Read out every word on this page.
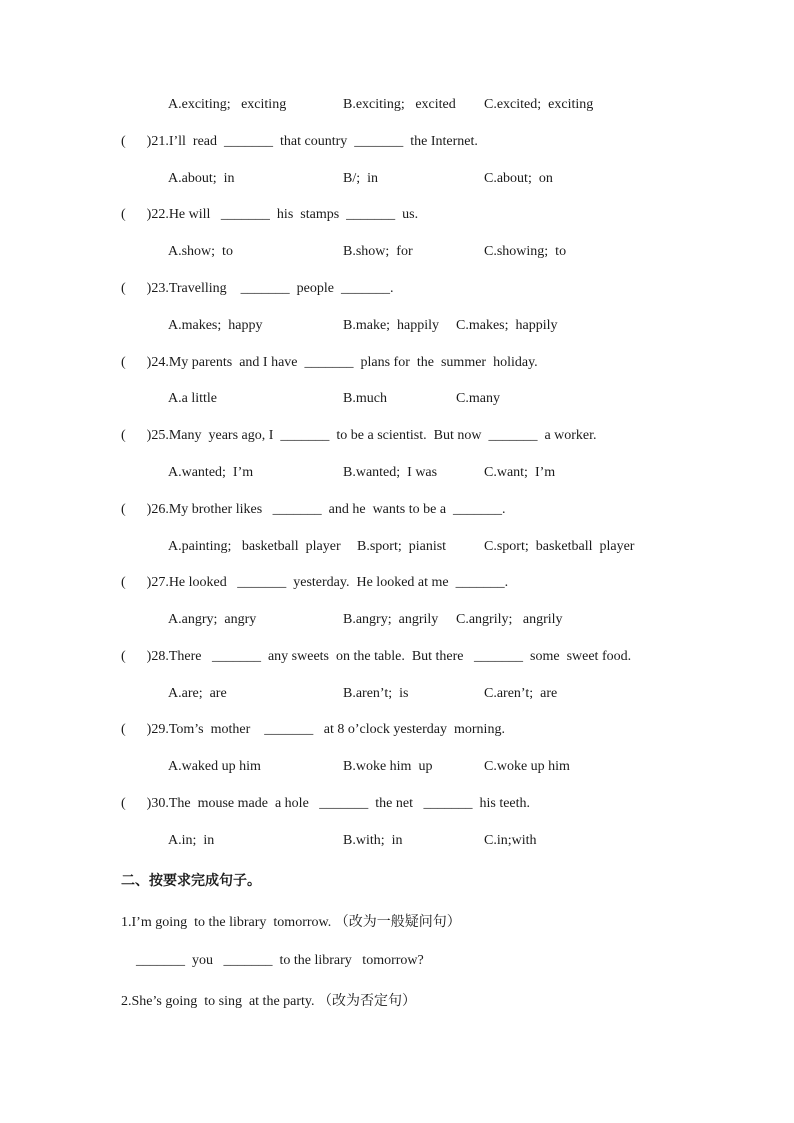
A.exciting;   exciting	B.exciting;   excited C.excited;  exciting
(      )21.I’ll  read  _______  that country  _______  the Internet.
A.about;  in	B/;  in	C.about;  on
(      )22.He will   _______  his  stamps  _______  us.
A.show;  to	B.show;  for	C.showing;  to
(      )23.Travelling    _______  people  _______.
A.makes;  happy	B.make;  happily C.makes;  happily
(      )24.My parents  and I have  _______  plans for  the  summer  holiday.
A.a little	B.much	C.many
(      )25.Many  years ago, I  _______  to be a scientist.  But now  _______  a worker.
A.wanted;  I’m	B.wanted;  I was	C.want;  I’m
(      )26.My brother likes   _______  and he  wants to be a  _______.
A.painting;   basketball  player B.sport;  pianist	C.sport;  basketball  player
(      )27.He looked   _______  yesterday.  He looked at me  _______.
A.angry;  angry	B.angry;  angrily C.angrily;   angrily
(      )28.There   _______  any sweets  on the table.  But there   _______  some  sweet food.
A.are;  are	B.aren’t;  is	C.aren’t;  are
(      )29.Tom’s  mother    _______   at 8 o’clock yesterday  morning.
A.waked up him	B.woke him  up	C.woke up him
(      )30.The  mouse made  a hole   _______  the net   _______  his teeth.
A.in;  in	B.with;  in	C.in;with
二、按要求完成句子。
1.I’m going  to the library  tomorrow. （改为一般疑问句）
_______  you   _______  to the library   tomorrow?
2.She’s going  to sing  at the party. （改为否定句）
